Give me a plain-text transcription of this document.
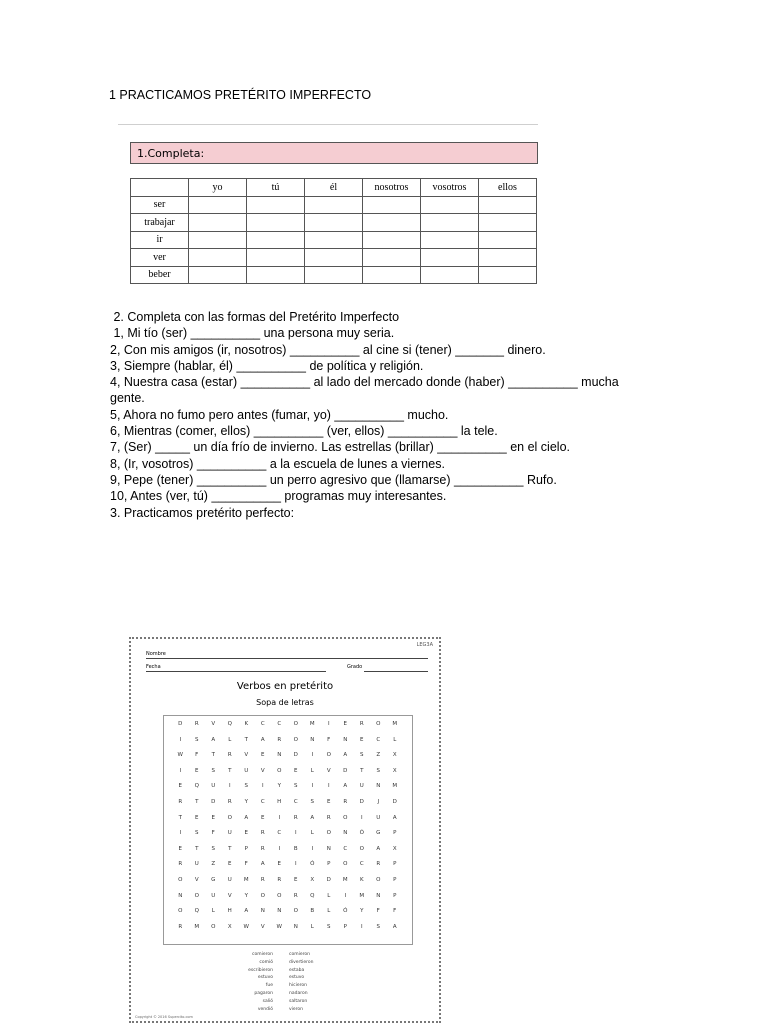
1 PRACTICAMOS PRETÉRITO IMPERFECTO
1.Completa:
	yo	tú	él	nosotros	vosotros	ellos
ser						
trabajar						
ir						
ver						
beber						
2. Completa con las formas del Pretérito Imperfecto
1, Mi tío (ser) __________ una persona muy seria.
2, Con mis amigos (ir, nosotros) __________ al cine si (tener) _______ dinero.
3, Siempre (hablar, él) __________ de política y religión.
4, Nuestra casa (estar) __________ al lado del mercado donde (haber) __________ mucha
gente.
5, Ahora no fumo pero antes (fumar, yo) __________ mucho.
6, Mientras (comer, ellos) __________ (ver, ellos) __________ la tele.
7, (Ser) _____ un día frío de invierno. Las estrellas (brillar) __________ en el cielo.
8, (Ir, vosotros) __________ a la escuela de lunes a viernes.
9, Pepe (tener) __________ un perro agresivo que (llamarse) __________ Rufo.
10, Antes (ver, tú) __________ programas muy interesantes.
3. Practicamos pretérito perfecto:
LEG3A
Nombre
Fecha	Grado
Verbos en pretérito
Sopa de letras
D	R	V	Q	K	C	C	O	M	I	E	R	O	M
I	S	A	L	T	A	R	O	N	F	N	E	C	L
W	F	T	R	V	E	N	D	I	O	A	S	Z	X
I	E	S	T	U	V	O	E	L	V	D	T	S	X
E	Q	U	I	S	I	Y	S	I	I	A	U	N	M
R	T	D	R	Y	C	H	C	S	E	R	D	J	D
T	E	E	O	A	E	I	R	A	R	O	I	U	A
I	S	F	U	E	R	C	I	L	O	N	Ó	G	P
E	T	S	T	P	R	I	B	I	N	C	O	A	X
R	U	Z	E	F	A	E	I	Ó	P	O	C	R	P
O	V	G	U	M	R	R	E	X	D	M	K	O	P
N	O	U	V	Y	O	O	R	Q	L	I	M	N	P
O	Q	L	H	A	N	N	O	B	L	Ó	Y	F	F
R	M	O	X	W	V	W	N	L	S	P	I	S	A
comieron
comió
escribieron
estuvo
fue
pagaron
salió
vendió
comieron
divertieron
estaba
estuvo
hicieron
nadaron
saltaron
vieron
Copyright © 2016 Supercito.com
